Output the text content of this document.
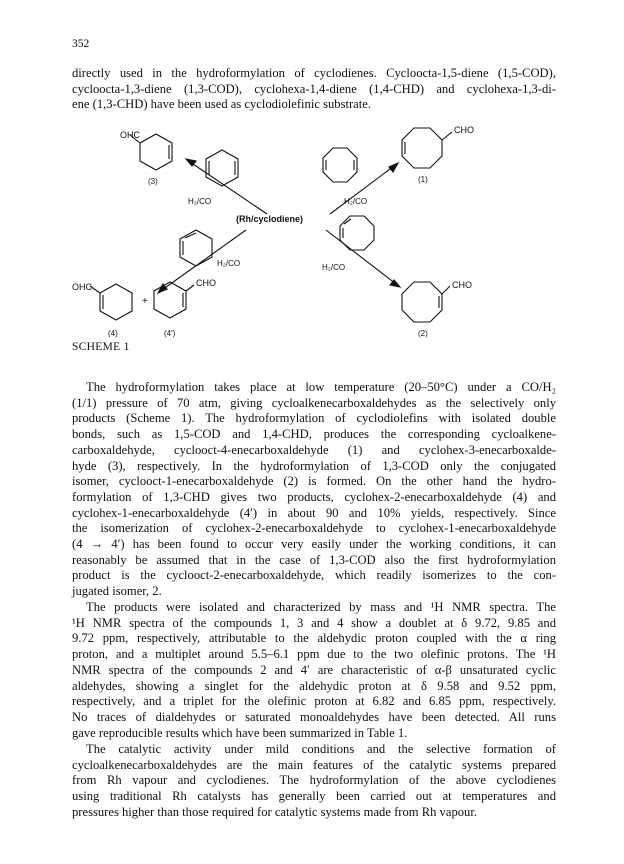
352
directly used in the hydroformylation of cyclodienes. Cycloocta-1,5-diene (1,5-COD),
cycloocta-1,3-diene (1,3-COD), cyclohexa-1,4-diene (1,4-CHD) and cyclohexa-1,3-di-
ene (1,3-CHD) have been used as cyclodiolefinic substrate.
OHC
(3)
H₂/CO	H₂/CO
CHO
(1)
(Rh/cyclodiene)
H₂/CO	H₂/CO
OHC
+
(4)
CHO
(4′)
CHO
(2)
SCHEME 1
The hydroformylation takes place at low temperature (20–50°C) under a CO/H₂
(1/1) pressure of 70 atm, giving cycloalkenecarboxaldehydes as the selectively only
products (Scheme 1). The hydroformylation of cyclodiolefins with isolated double
bonds, such as 1,5-COD and 1,4-CHD, produces the corresponding cycloalkene-
carboxaldehyde, cyclooct-4-enecarboxaldehyde (1) and cyclohex-3-enecarboxalde-
hyde (3), respectively. In the hydroformylation of 1,3-COD only the conjugated
isomer, cyclooct-1-enecarboxaldehyde (2) is formed. On the other hand the hydro-
formylation of 1,3-CHD gives two products, cyclohex-2-enecarboxaldehyde (4) and
cyclohex-1-enecarboxaldehyde (4′) in about 90 and 10% yields, respectively. Since
the isomerization of cyclohex-2-enecarboxaldehyde to cyclohex-1-enecarboxaldehyde
(4 → 4′) has been found to occur very easily under the working conditions, it can
reasonably be assumed that in the case of 1,3-COD also the first hydroformylation
product is the cyclooct-2-enecarboxaldehyde, which readily isomerizes to the con-
jugated isomer, 2.
The products were isolated and characterized by mass and ¹H NMR spectra. The
¹H NMR spectra of the compounds 1, 3 and 4 show a doublet at δ 9.72, 9.85 and
9.72 ppm, respectively, attributable to the aldehydic proton coupled with the α ring
proton, and a multiplet around 5.5–6.1 ppm due to the two olefinic protons. The ¹H
NMR spectra of the compounds 2 and 4′ are characteristic of α-β unsaturated cyclic
aldehydes, showing a singlet for the aldehydic proton at δ 9.58 and 9.52 ppm,
respectively, and a triplet for the olefinic proton at 6.82 and 6.85 ppm, respectively.
No traces of dialdehydes or saturated monoaldehydes have been detected. All runs
gave reproducible results which have been summarized in Table 1.
The catalytic activity under mild conditions and the selective formation of
cycloalkenecarboxaldehydes are the main features of the catalytic systems prepared
from Rh vapour and cyclodienes. The hydroformylation of the above cyclodienes
using traditional Rh catalysts has generally been carried out at temperatures and
pressures higher than those required for catalytic systems made from Rh vapour.
